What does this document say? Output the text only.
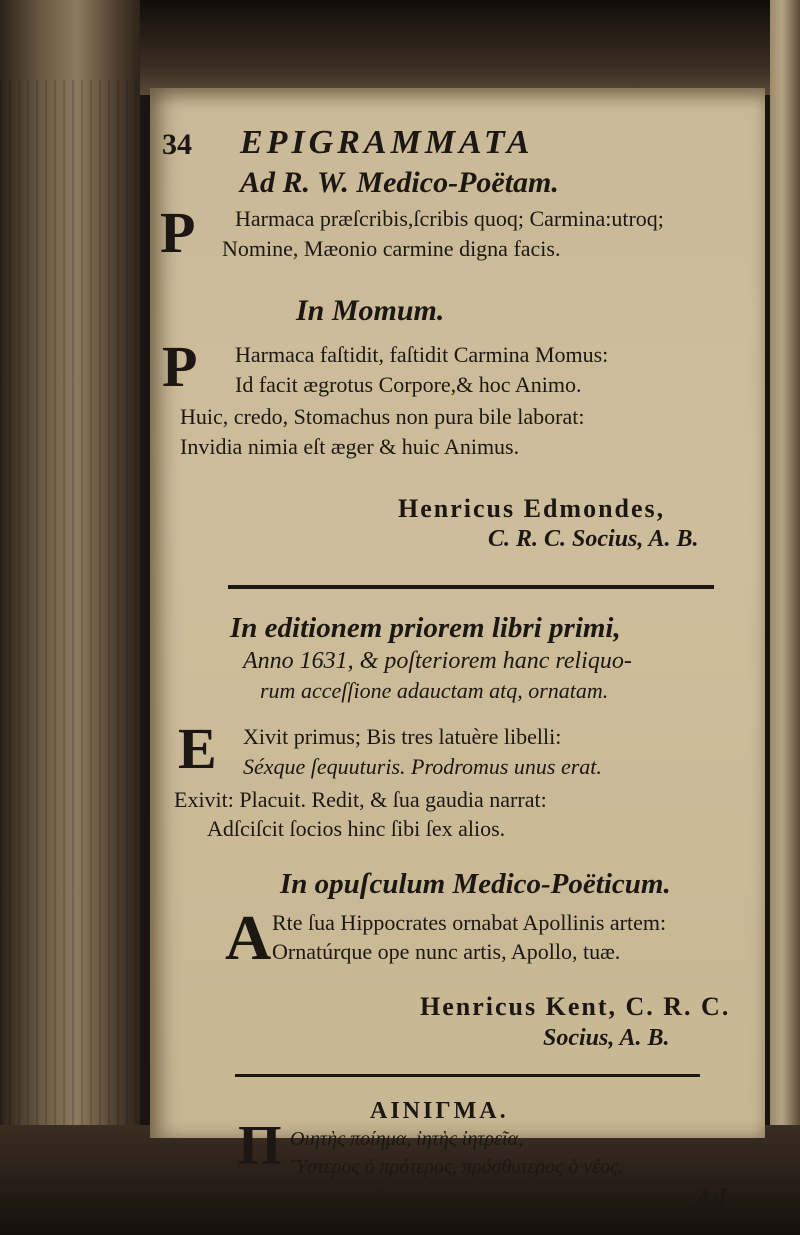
34 EPIGRAMMATA
Ad R. W. Medico-Poëtam.
P Harmaca præſcribis,ſcribis quoq; Carmina:utroq;
Nomine, Mæonio carmine digna facis.
In Momum.
P Harmaca faſtidit, faſtidit Carmina Momus:
Id facit ægrotus Corpore,& hoc Animo.
Huic, credo, Stomachus non pura bile laborat:
Invidia nimia eſt æger & huic Animus.
Henricus Edmondes,
C. R. C. Socius, A. B.
In editionem priorem libri primi,
Anno 1631, & poſteriorem hanc reliquo-
rum acceſſione adauctam atq, ornatam.
E Xivit primus; Bis tres latuère libelli:
Séxque ſequuturis. Prodromus unus erat.
Exivit: Placuit. Redit, & ſua gaudia narrat:
Adſciſcit ſocios hinc ſibi ſex alios.
In opuſculum Medico-Poëticum.
A Rte ſua Hippocrates ornabat Apollinis artem:
Ornatúrque ope nunc artis, Apollo, tuæ.
Henricus Kent, C. R. C.
Socius, A. B.
ΑΙΝΙΓΜΑ.
Π Οιητὴς ποίημα, ἰητὴς ἰητρεῖα,
Ὕστερος ὁ πρότερος, πρόσθυτερος ὁ νέος.
Ad
